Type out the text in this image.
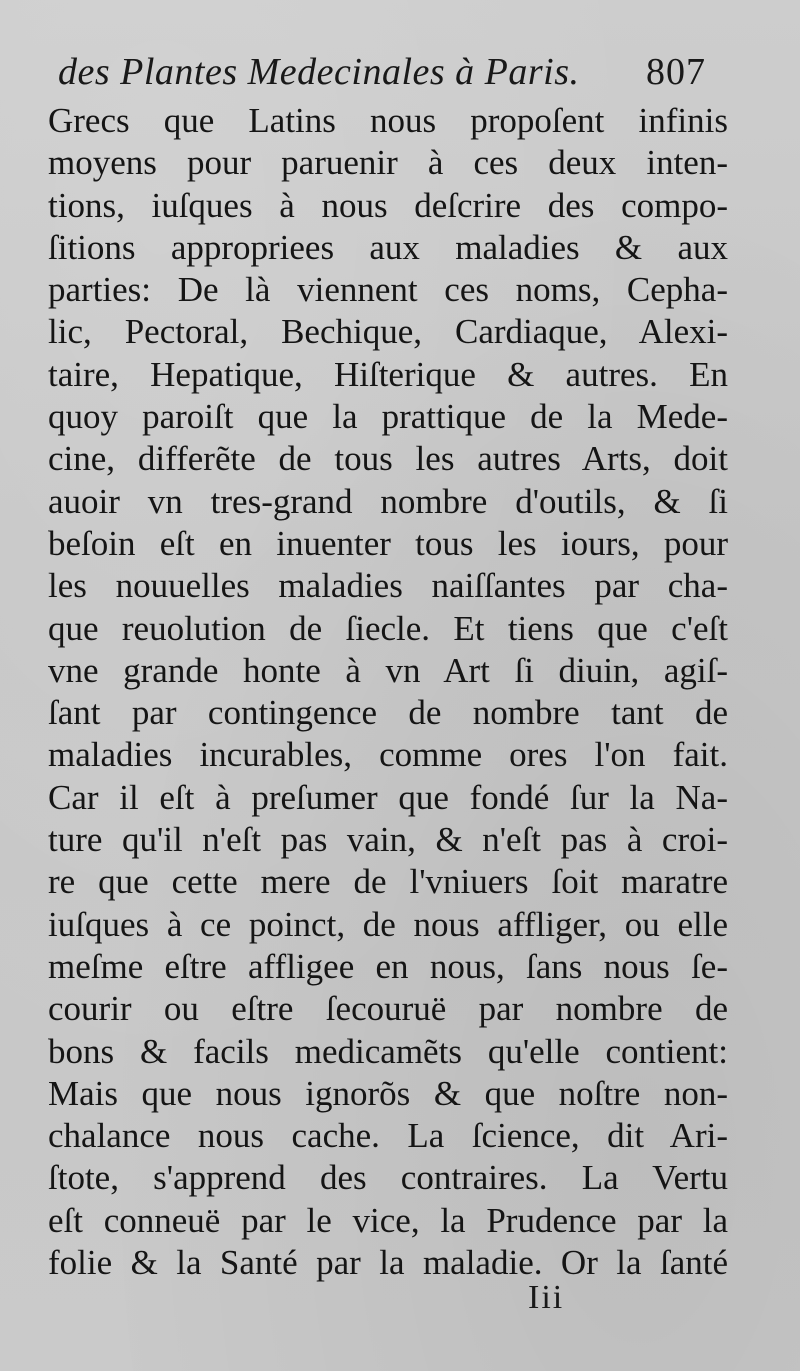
des Plantes Medecinales à Paris. 807
Grecs que Latins nous propoſent infinis
moyens pour paruenir à ces deux inten-
tions, iuſques à nous deſcrire des compo-
ſitions appropriees aux maladies & aux
parties: De là viennent ces noms, Cepha-
lic, Pectoral, Bechique, Cardiaque, Alexi-
taire, Hepatique, Hiſterique & autres. En
quoy paroiſt que la prattique de la Mede-
cine, differẽte de tous les autres Arts, doit
auoir vn tres-grand nombre d'outils, & ſi
beſoin eſt en inuenter tous les iours, pour
les nouuelles maladies naiſſantes par cha-
que reuolution de ſiecle. Et tiens que c'eſt
vne grande honte à vn Art ſi diuin, agiſ-
ſant par contingence de nombre tant de
maladies incurables, comme ores l'on fait.
Car il eſt à preſumer que fondé ſur la Na-
ture qu'il n'eſt pas vain, & n'eſt pas à croi-
re que cette mere de l'vniuers ſoit maratre
iuſques à ce poinct, de nous affliger, ou elle
meſme eſtre affligee en nous, ſans nous ſe-
courir ou eſtre ſecouruë par nombre de
bons & facils medicamẽts qu'elle contient:
Mais que nous ignorõs & que noſtre non-
chalance nous cache. La ſcience, dit Ari-
ſtote, s'apprend des contraires. La Vertu
eſt conneuë par le vice, la Prudence par la
folie & la Santé par la maladie. Or la ſanté
Iii
